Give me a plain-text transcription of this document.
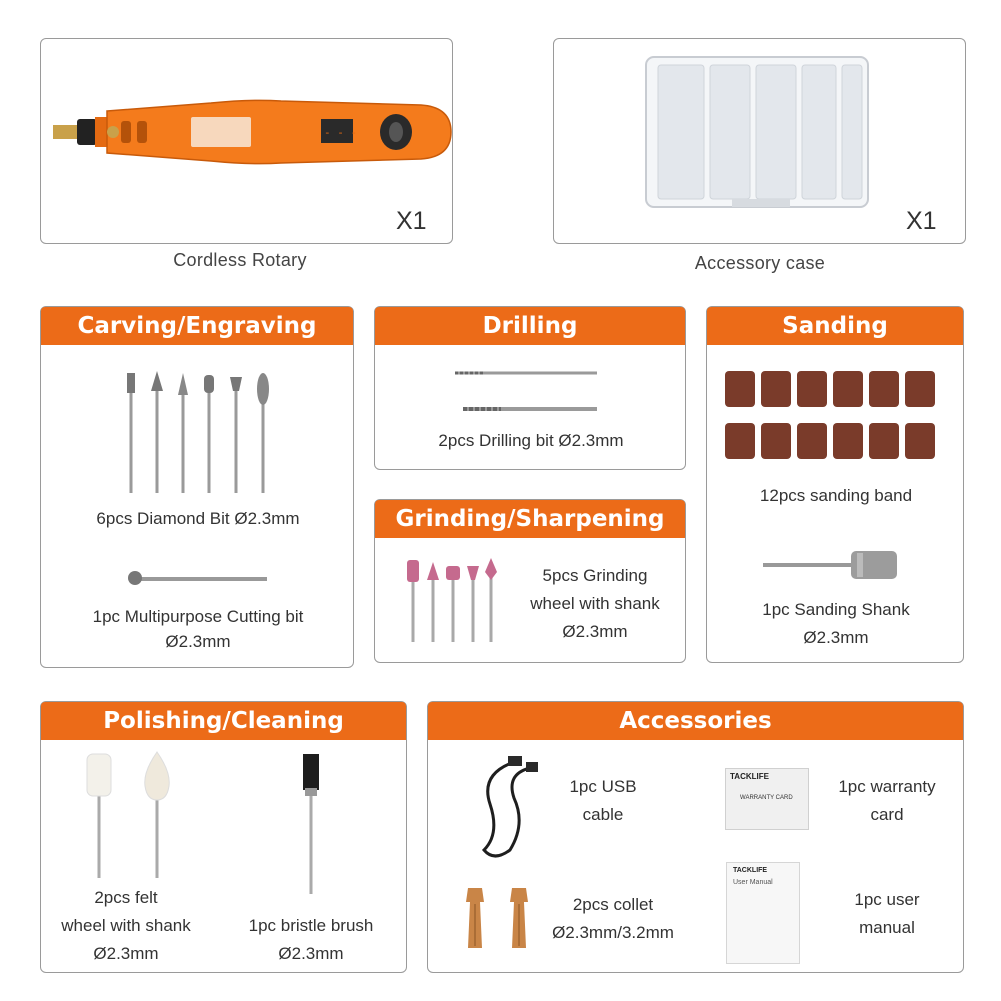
- - -
X1
Cordless Rotary
X1
Accessory case
Carving/Engraving
6pcs Diamond Bit Ø2.3mm
1pc Multipurpose Cutting bit
Ø2.3mm
Drilling
2pcs Drilling bit Ø2.3mm
Grinding/Sharpening
5pcs Grinding
wheel with shank
Ø2.3mm
Sanding
12pcs sanding band
1pc Sanding Shank
Ø2.3mm
Polishing/Cleaning
2pcs felt
wheel with shank
Ø2.3mm
1pc bristle brush
Ø2.3mm
Accessories
1pc USB
cable
TACKLIFE
WARRANTY CARD
1pc warranty
card
2pcs collet
Ø2.3mm/3.2mm
TACKLIFE
User Manual
1pc user
manual
